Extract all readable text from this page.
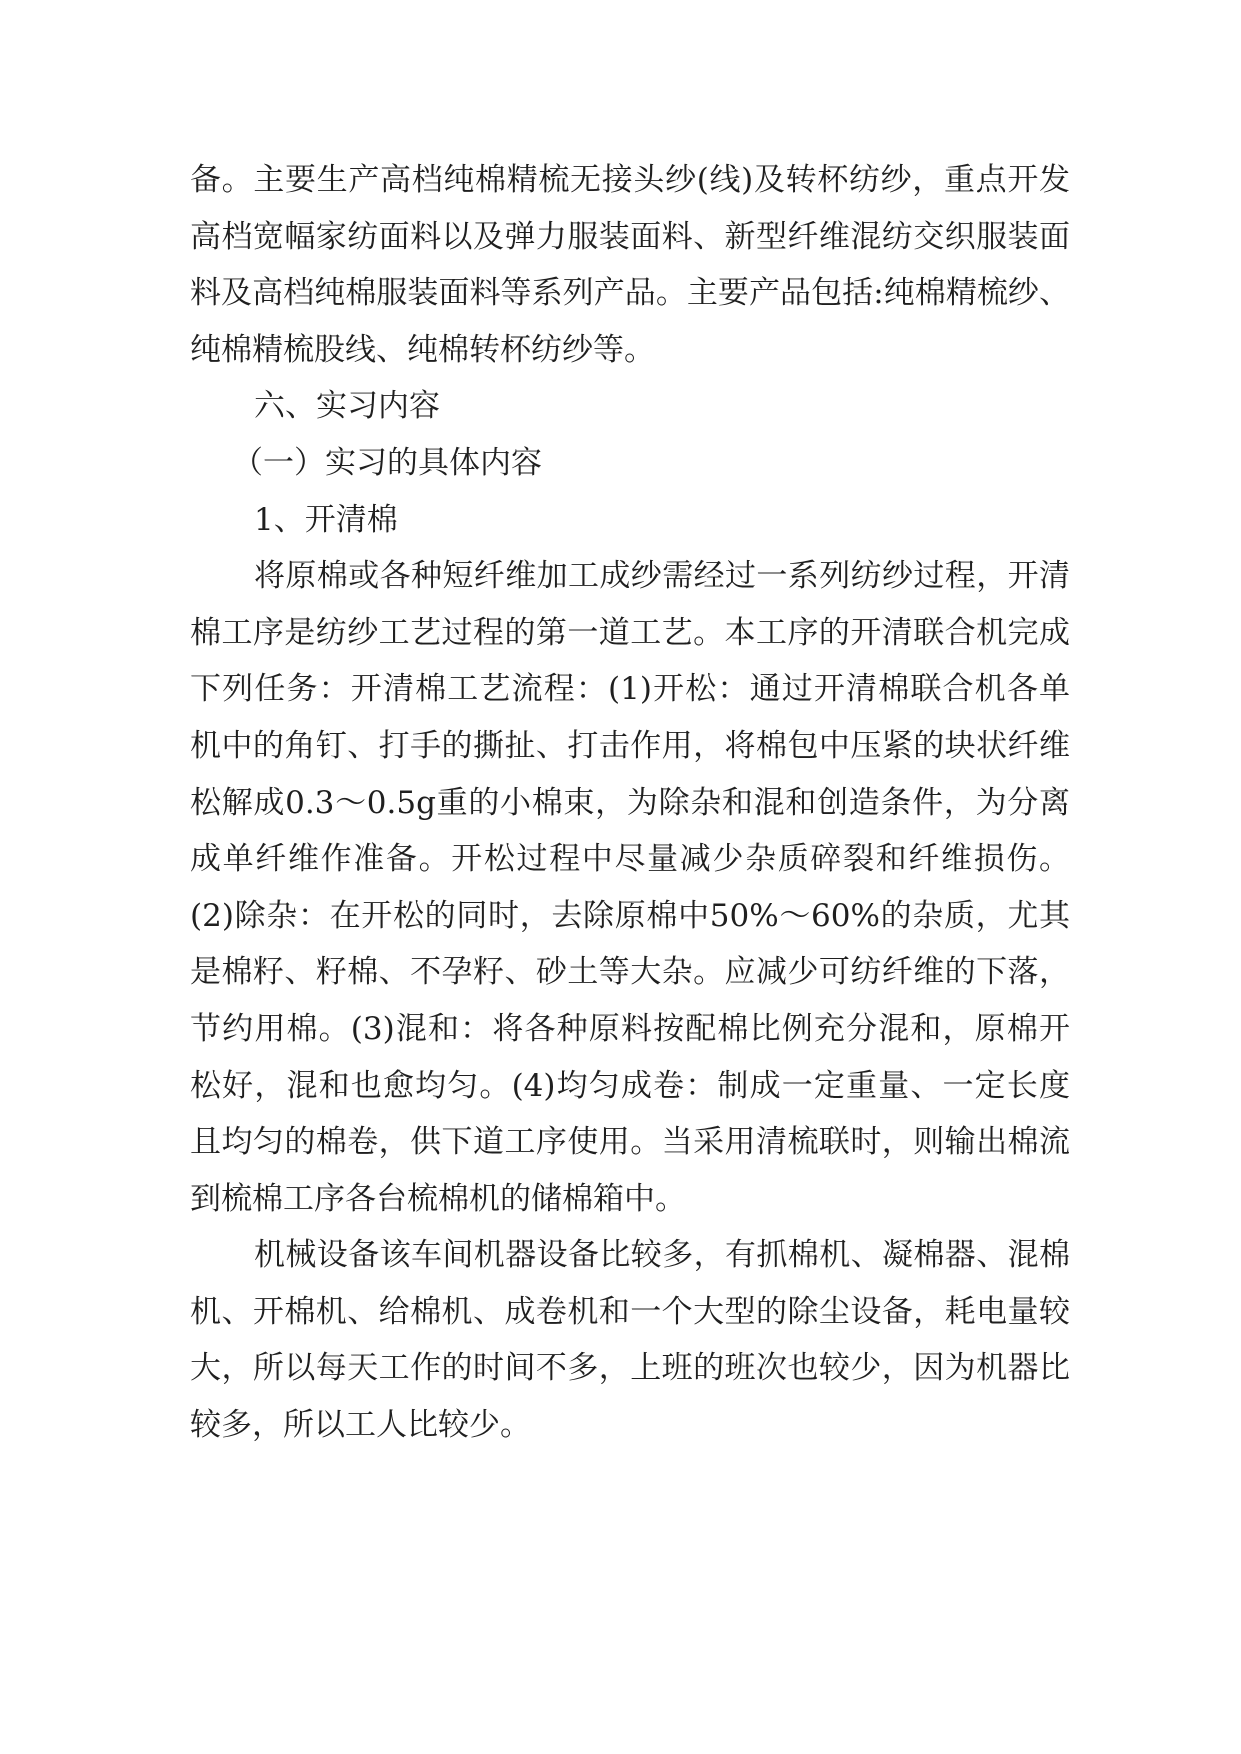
备。主要生产高档纯棉精梳无接头纱(线)及转杯纺纱，重点开发高档宽幅家纺面料以及弹力服装面料、新型纤维混纺交织服装面料及高档纯棉服装面料等系列产品。主要产品包括:纯棉精梳纱、纯棉精梳股线、纯棉转杯纺纱等。

六、实习内容

（一）实习的具体内容

1、开清棉

将原棉或各种短纤维加工成纱需经过一系列纺纱过程，开清棉工序是纺纱工艺过程的第一道工艺。本工序的开清联合机完成下列任务：开清棉工艺流程：(1)开松：通过开清棉联合机各单机中的角钉、打手的撕扯、打击作用，将棉包中压紧的块状纤维松解成0.3～0.5g重的小棉束，为除杂和混和创造条件，为分离成单纤维作准备。开松过程中尽量减少杂质碎裂和纤维损伤。 (2)除杂：在开松的同时，去除原棉中50%～60%的杂质，尤其是棉籽、籽棉、不孕籽、砂土等大杂。应减少可纺纤维的下落，节约用棉。(3)混和：将各种原料按配棉比例充分混和，原棉开松好，混和也愈均匀。(4)均匀成卷：制成一定重量、一定长度且均匀的棉卷，供下道工序使用。当采用清梳联时，则输出棉流到梳棉工序各台梳棉机的储棉箱中。

机械设备该车间机器设备比较多，有抓棉机、凝棉器、混棉机、开棉机、给棉机、成卷机和一个大型的除尘设备，耗电量较大，所以每天工作的时间不多，上班的班次也较少，因为机器比较多，所以工人比较少。
